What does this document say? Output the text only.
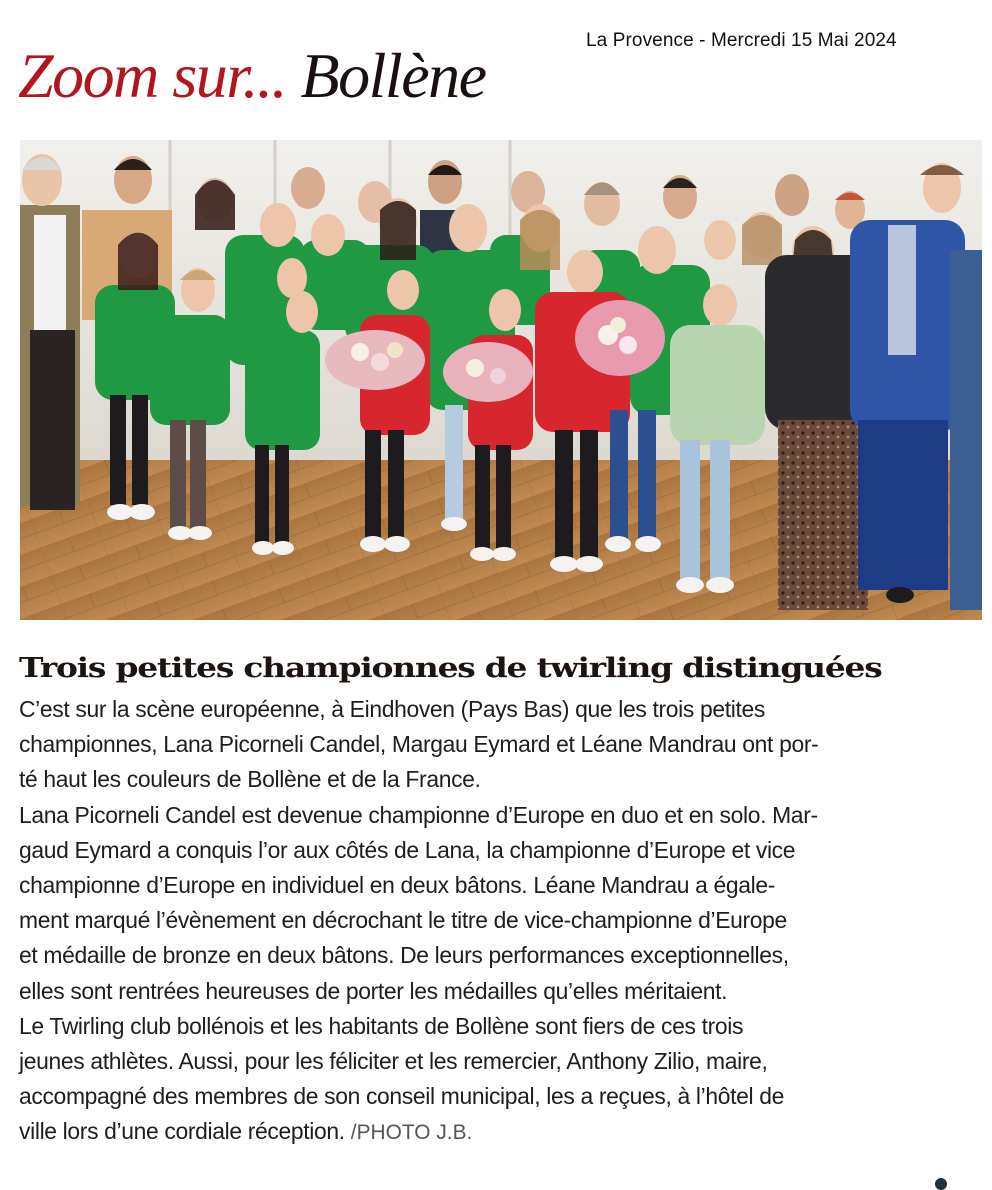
La Provence - Mercredi 15 Mai 2024
Zoom sur... Bollène
Trois petites championnes de twirling distinguées
C’est sur la scène européenne, à Eindhoven (Pays Bas) que les trois petites
championnes, Lana Picorneli Candel, Margau Eymard et Léane Mandrau ont por-
té haut les couleurs de Bollène et de la France.
Lana Picorneli Candel est devenue championne d’Europe en duo et en solo. Mar-
gaud Eymard a conquis l’or aux côtés de Lana, la championne d’Europe et vice
championne d’Europe en individuel en deux bâtons. Léane Mandrau a égale-
ment marqué l’évènement en décrochant le titre de vice-championne d’Europe
et médaille de bronze en deux bâtons. De leurs performances exceptionnelles,
elles sont rentrées heureuses de porter les médailles qu’elles méritaient.
Le Twirling club bollénois et les habitants de Bollène sont fiers de ces trois
jeunes athlètes. Aussi, pour les féliciter et les remercier, Anthony Zilio, maire,
accompagné des membres de son conseil municipal, les a reçues, à l’hôtel de
ville lors d’une cordiale réception. /PHOTO J.B.
